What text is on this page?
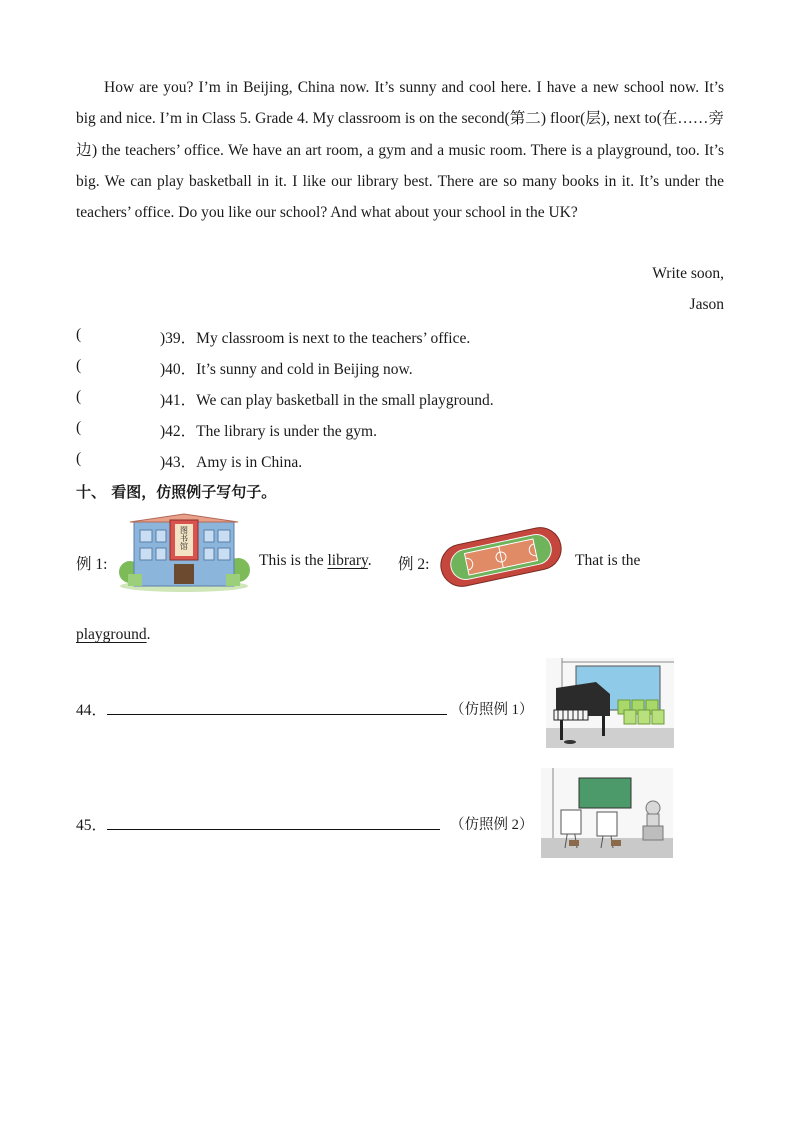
How are you? I’m in Beijing, China now. It’s sunny and cool here. I have a new school now. It’s big and nice. I’m in Class 5. Grade 4. My classroom is on the second(第二) floor(层), next to(在……旁边) the teachers’ office. We have an art room, a gym and a music room. There is a playground, too. It’s big. We can play basketball in it. I like our library best. There are so many books in it. It’s under the teachers’ office. Do you like our school? And what about your school in the UK?

Write soon,
Jason
(	)39．My classroom is next to the teachers’ office.
(	)40．It’s sunny and cold in Beijing now.
(	)41．We can play basketball in the small playground.
(	)42．The library is under the gym.
(	)43．Amy is in China.
十、 看图，仿照例子写句子。
例 1:
图书馆
This is the library. 例 2:	That is the
playground.
44．	（仿照例 1）
45．	（仿照例 2）
